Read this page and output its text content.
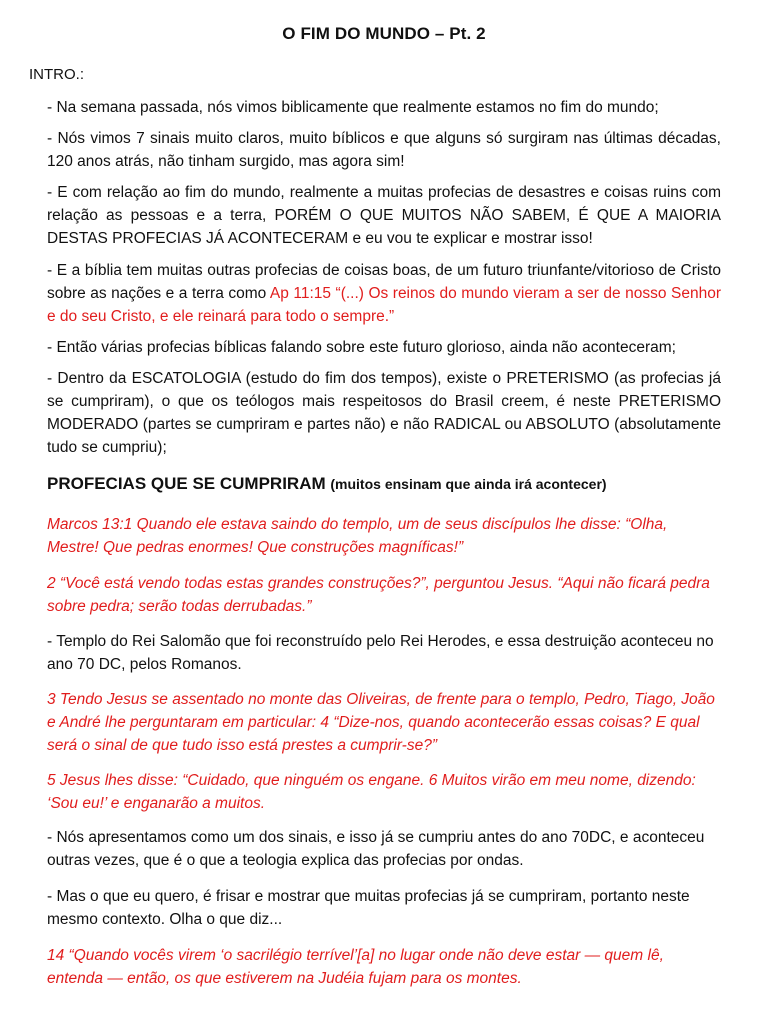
O FIM DO MUNDO – Pt. 2
INTRO.:
- Na semana passada, nós vimos biblicamente que realmente estamos no fim do mundo;
- Nós vimos 7 sinais muito claros, muito bíblicos e que alguns só surgiram nas últimas décadas, 120 anos atrás, não tinham surgido, mas agora sim!
- E com relação ao fim do mundo, realmente a muitas profecias de desastres e coisas ruins com relação as pessoas e a terra, PORÉM O QUE MUITOS NÃO SABEM, É QUE A MAIORIA DESTAS PROFECIAS JÁ ACONTECERAM e eu vou te explicar e mostrar isso!
- E a bíblia tem muitas outras profecias de coisas boas, de um futuro triunfante/vitorioso de Cristo sobre as nações e a terra como Ap 11:15 “(...) Os reinos do mundo vieram a ser de nosso Senhor e do seu Cristo, e ele reinará para todo o sempre.”
- Então várias profecias bíblicas falando sobre este futuro glorioso, ainda não aconteceram;
- Dentro da ESCATOLOGIA (estudo do fim dos tempos), existe o PRETERISMO (as profecias já se cumpriram), o que os teólogos mais respeitosos do Brasil creem, é neste PRETERISMO MODERADO (partes se cumpriram e partes não) e não RADICAL ou ABSOLUTO (absolutamente tudo se cumpriu);
PROFECIAS QUE SE CUMPRIRAM (muitos ensinam que ainda irá acontecer)
Marcos 13:1 Quando ele estava saindo do templo, um de seus discípulos lhe disse: “Olha, Mestre! Que pedras enormes! Que construções magníficas!”
2 “Você está vendo todas estas grandes construções?”, perguntou Jesus. “Aqui não ficará pedra sobre pedra; serão todas derrubadas.”
- Templo do Rei Salomão que foi reconstruído pelo Rei Herodes, e essa destruição aconteceu no ano 70 DC, pelos Romanos.
3 Tendo Jesus se assentado no monte das Oliveiras, de frente para o templo, Pedro, Tiago, João e André lhe perguntaram em particular: 4 “Dize-nos, quando acontecerão essas coisas? E qual será o sinal de que tudo isso está prestes a cumprir-se?”
5 Jesus lhes disse: “Cuidado, que ninguém os engane. 6 Muitos virão em meu nome, dizendo: ‘Sou eu!’ e enganarão a muitos.
- Nós apresentamos como um dos sinais, e isso já se cumpriu antes do ano 70DC, e aconteceu outras vezes, que é o que a teologia explica das profecias por ondas.
- Mas o que eu quero, é frisar e mostrar que muitas profecias já se cumpriram, portanto neste mesmo contexto. Olha o que diz...
14 “Quando vocês virem ‘o sacrilégio terrível’[a] no lugar onde não deve estar — quem lê, entenda — então, os que estiverem na Judéia fujam para os montes.
